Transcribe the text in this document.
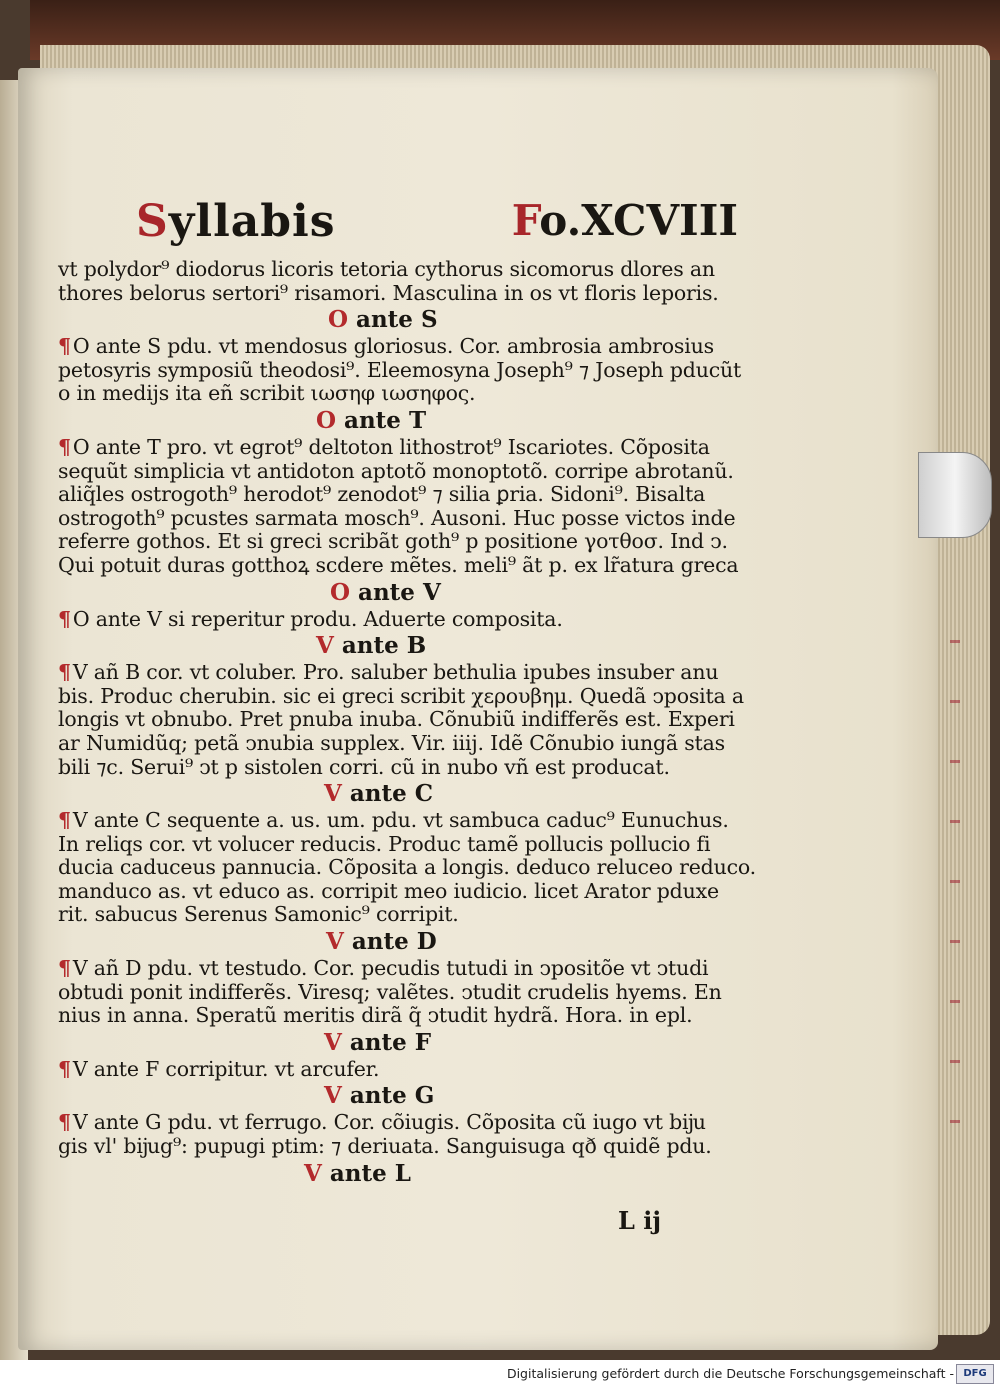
Syllabis	Fo.XCVIII
vt polydor⁹ diodorus licoris tetoria cythorus sicomorus dlores an
thores belorus sertori⁹ risamori. Masculina in os vt floris leporis.
O ante S
¶O ante S pdu. vt mendosus gloriosus. Cor. ambrosia ambrosius
petosyris symposiũ theodosi⁹. Eleemosyna Joseph⁹ ⁊ Joseph pducũt
o in medijs ita eñ scribit ιωσηφ ιωσηφος.
O ante T
¶O ante T pro. vt egrot⁹ deltoton lithostrot⁹ Iscariotes. Cõposita
sequũt simplicia vt antidoton aptotõ monoptotõ. corripe abrotanũ.
aliq̃les ostrogoth⁹ herodot⁹ zenodot⁹ ⁊ silia ꝑria. Sidoni⁹. Bisalta
ostrogoth⁹ pcustes sarmata mosch⁹. Ausoni. Huc posse victos inde
referre gothos. Et si greci scribãt goth⁹ p positione γοτθοσ. Ind ↄ.
Qui potuit duras gotthoꝝ scdere mẽtes. meli⁹ ãt p. ex lr̃atura greca
O ante V
¶O ante V si reperitur produ. Aduerte composita.
V ante B
¶V añ B cor. vt coluber. Pro. saluber bethulia ipubes insuber anu
bis. Produc cherubin. sic ei greci scribit χερουβημ. Quedã ↄposita a
longis vt obnubo. Pret pnuba inuba. Cõnubiũ indifferẽs est. Experi
ar Numidũq; petã ↄnubia supplex. Vir. iiij. Idẽ Cõnubio iungã stas
bili ⁊c. Serui⁹ ↄt p sistolen corri. cũ in nubo vñ est producat.
V ante C
¶V ante C sequente a. us. um. pdu. vt sambuca caduc⁹ Eunuchus.
In reliqs cor. vt volucer reducis. Produc tamẽ pollucis pollucio fi
ducia caduceus pannucia. Cõposita a longis. deduco reluceo reduco.
manduco as. vt educo as. corripit meo iudicio. licet Arator pduxe
rit. sabucus Serenus Samonic⁹ corripit.
V ante D
¶V añ D pdu. vt testudo. Cor. pecudis tutudi in ↄpositõe vt ↄtudi
obtudi ponit indifferẽs. Viresq; valẽtes. ↄtudit crudelis hyems. En
nius in anna. Speratũ meritis dirã q̃ ↄtudit hydrã. Hora. in epl.
V ante F
¶V ante F corripitur. vt arcufer.
V ante G
¶V ante G pdu. vt ferrugo. Cor. cõiugis. Cõposita cũ iugo vt bĳu
gis vl' bĳug⁹: pupugi ptim: ⁊ deriuata. Sanguisuga qð quidẽ pdu.
V ante L
L ij
Digitalisierung gefördert durch die Deutsche Forschungsgemeinschaft - DFG
